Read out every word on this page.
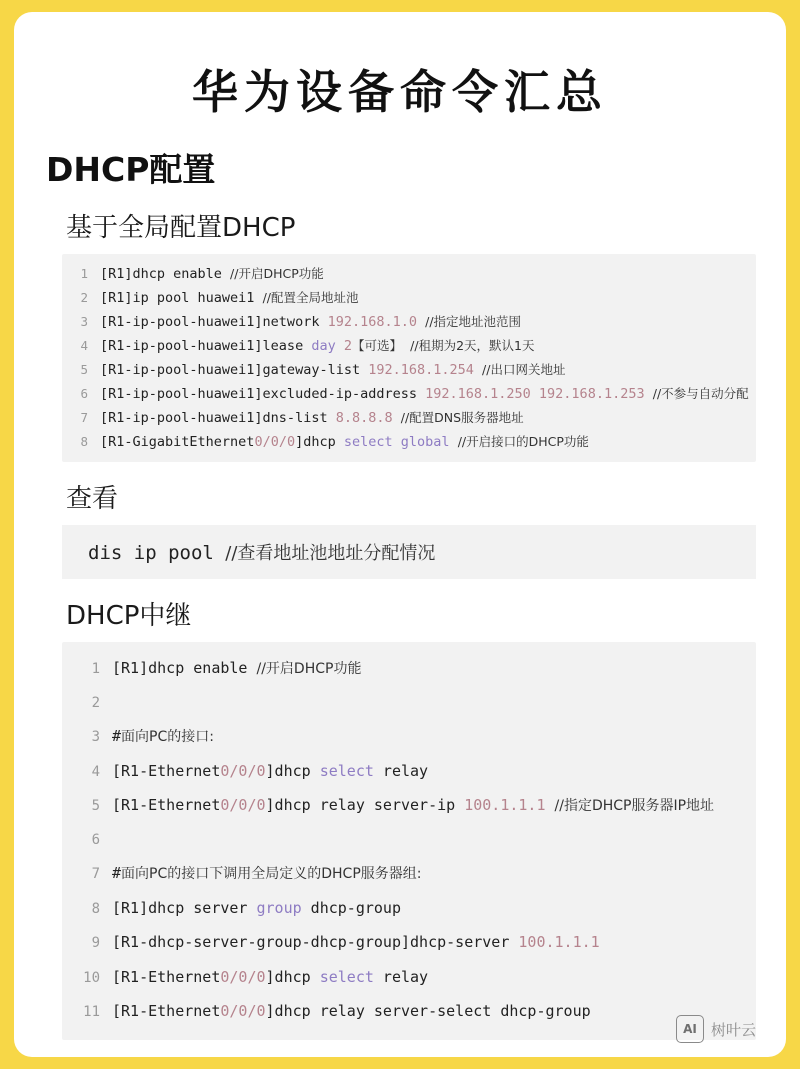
华为设备命令汇总
DHCP配置
基于全局配置DHCP
1 [R1]dhcp enable //开启DHCP功能
2 [R1]ip pool huawei1 //配置全局地址池
3 [R1-ip-pool-huawei1]network 192.168.1.0 //指定地址池范围
4 [R1-ip-pool-huawei1]lease day 2【可选】 //租期为2天，默认1天
5 [R1-ip-pool-huawei1]gateway-list 192.168.1.254 //出口网关地址
6 [R1-ip-pool-huawei1]excluded-ip-address 192.168.1.250 192.168.1.253 //不参与自动分配
7 [R1-ip-pool-huawei1]dns-list 8.8.8.8 //配置DNS服务器地址
8 [R1-GigabitEthernet0/0/0]dhcp select global //开启接口的DHCP功能
查看
dis ip pool //查看地址池地址分配情况
DHCP中继
1 [R1]dhcp enable //开启DHCP功能
2
3 #面向PC的接口:
4 [R1-Ethernet0/0/0]dhcp select relay
5 [R1-Ethernet0/0/0]dhcp relay server-ip 100.1.1.1 //指定DHCP服务器IP地址
6
7 #面向PC的接口下调用全局定义的DHCP服务器组:
8 [R1]dhcp server group dhcp-group
9 [R1-dhcp-server-group-dhcp-group]dhcp-server 100.1.1.1
10 [R1-Ethernet0/0/0]dhcp select relay
11 [R1-Ethernet0/0/0]dhcp relay server-select dhcp-group
AI 树叶云
